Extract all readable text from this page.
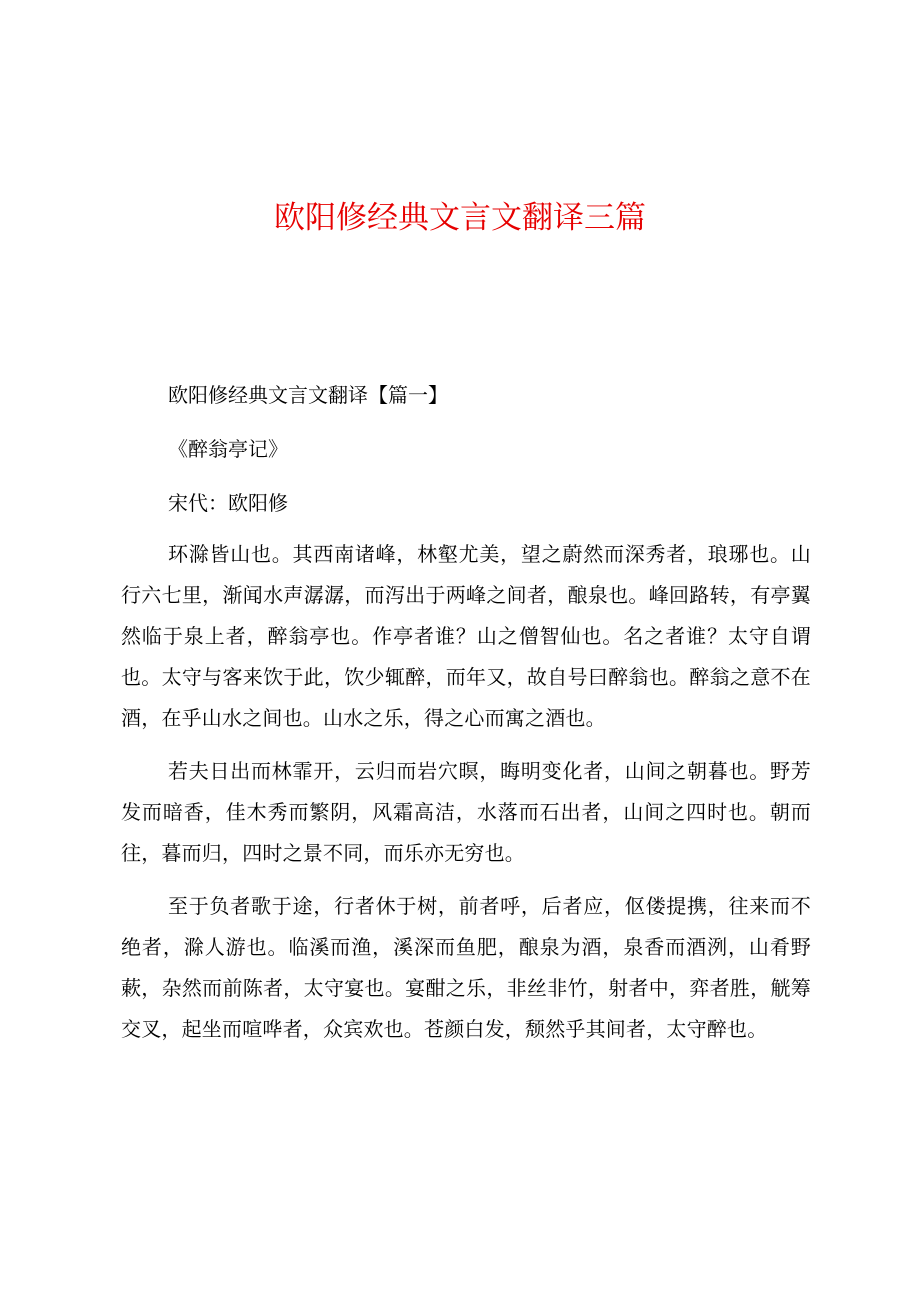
欧阳修经典文言文翻译三篇

欧阳修经典文言文翻译【篇一】

《醉翁亭记》

宋代：欧阳修

环滁皆山也。其西南诸峰，林壑尤美，望之蔚然而深秀者，琅琊也。山行六七里，渐闻水声潺潺，而泻出于两峰之间者，酿泉也。峰回路转，有亭翼然临于泉上者，醉翁亭也。作亭者谁？山之僧智仙也。名之者谁？太守自谓也。太守与客来饮于此，饮少辄醉，而年又，故自号曰醉翁也。醉翁之意不在酒，在乎山水之间也。山水之乐，得之心而寓之酒也。

若夫日出而林霏开，云归而岩穴暝，晦明变化者，山间之朝暮也。野芳发而暗香，佳木秀而繁阴，风霜高洁，水落而石出者，山间之四时也。朝而往，暮而归，四时之景不同，而乐亦无穷也。

至于负者歌于途，行者休于树，前者呼，后者应，伛偻提携，往来而不绝者，滁人游也。临溪而渔，溪深而鱼肥，酿泉为酒，泉香而酒洌，山肴野蔌，杂然而前陈者，太守宴也。宴酣之乐，非丝非竹，射者中，弈者胜，觥筹交叉，起坐而喧哗者，众宾欢也。苍颜白发，颓然乎其间者，太守醉也。
